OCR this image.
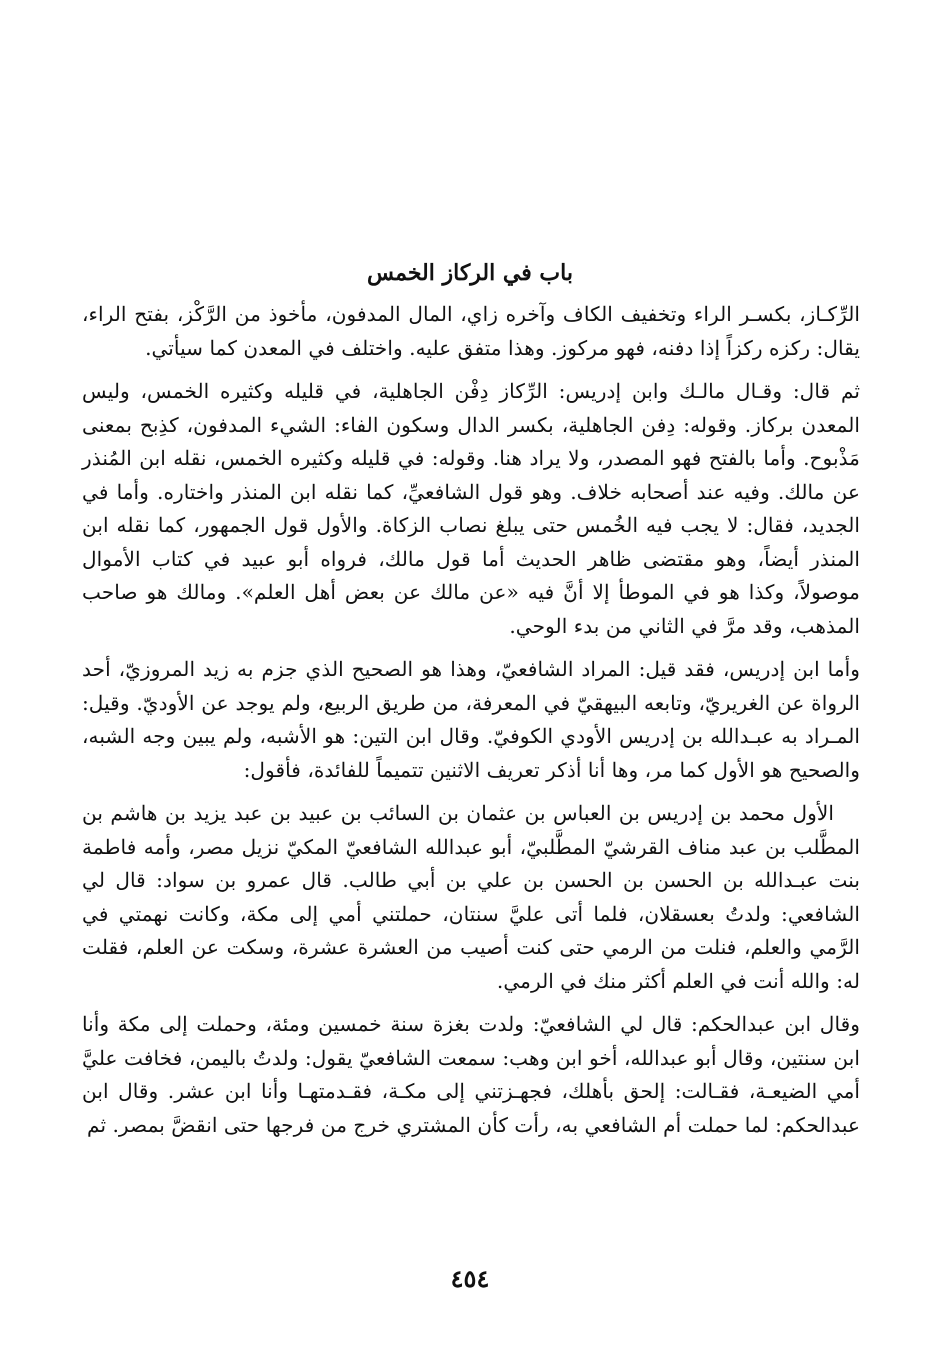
باب في الركاز الخمس

الرِّكـاز، بكسـر الراء وتخفيف الكاف وآخره زاي، المال المدفون، مأخوذ من الرَّكْز، بفتح الراء، يقال: ركزه ركزاً إذا دفنه، فهو مركوز. وهذا متفق عليه. واختلف في المعدن كما سيأتي.

ثم قال: وقـال مالـك وابن إدريس: الرِّكاز دِفْن الجاهلية، في قليله وكثيره الخمس، وليس المعدن بركاز. وقوله: دِفن الجاهلية، بكسر الدال وسكون الفاء: الشيء المدفون، كذِبح بمعنى مَذْبوح. وأما بالفتح فهو المصدر، ولا يراد هنا. وقوله: في قليله وكثيره الخمس، نقله ابن المُنذر عن مالك. وفيه عند أصحابه خلاف. وهو قول الشافعيِّ، كما نقله ابن المنذر واختاره. وأما في الجديد، فقال: لا يجب فيه الخُمس حتى يبلغ نصاب الزكاة. والأول قول الجمهور، كما نقله ابن المنذر أيضاً، وهو مقتضى ظاهر الحديث أما قول مالك، فرواه أبو عبيد في كتاب الأموال موصولاً، وكذا هو في الموطأ إلا أنَّ فيه «عن مالك عن بعض أهل العلم». ومالك هو صاحب المذهب، وقد مرَّ في الثاني من بدء الوحي.

وأما ابن إدريس، فقد قيل: المراد الشافعيّ، وهذا هو الصحيح الذي جزم به زيد المروزيّ، أحد الرواة عن الغريريّ، وتابعه البيهقيّ في المعرفة، من طريق الربيع، ولم يوجد عن الأوديّ. وقيل: المـراد به عبـدالله بن إدريس الأودي الكوفيّ. وقال ابن التين: هو الأشبه، ولم يبين وجه الشبه، والصحيح هو الأول كما مر، وها أنا أذكر تعريف الاثنين تتميماً للفائدة، فأقول:

الأول محمد بن إدريس بن العباس بن عثمان بن السائب بن عبيد بن عبد يزيد بن هاشم بن المطَّلب بن عبد مناف القرشيّ المطَّلبيّ، أبو عبدالله الشافعيّ المكيّ نزيل مصر، وأمه فاطمة بنت عبـدالله بن الحسن بن الحسن بن علي بن أبي طالب. قال عمرو بن سواد: قال لي الشافعي: ولدتُ بعسقلان، فلما أتى عليَّ سنتان، حملتني أمي إلى مكة، وكانت نهمتي في الرَّمي والعلم، فنلت من الرمي حتى كنت أصيب من العشرة عشرة، وسكت عن العلم، فقلت له: والله أنت في العلم أكثر منك في الرمي.

وقال ابن عبدالحكم: قال لي الشافعيّ: ولدت بغزة سنة خمسين ومئة، وحملت إلى مكة وأنا ابن سنتين، وقال أبو عبدالله، أخو ابن وهب: سمعت الشافعيّ يقول: ولدتُ باليمن، فخافت عليَّ أمي الضيعـة، فقـالت: إلحق بأهلك، فجهـزتني إلى مكـة، فقـدمتهـا وأنا ابن عشر. وقال ابن عبدالحكم: لما حملت أم الشافعي به، رأت كأن المشتري خرج من فرجها حتى انقضَّ بمصر. ثم

٤٥٤
